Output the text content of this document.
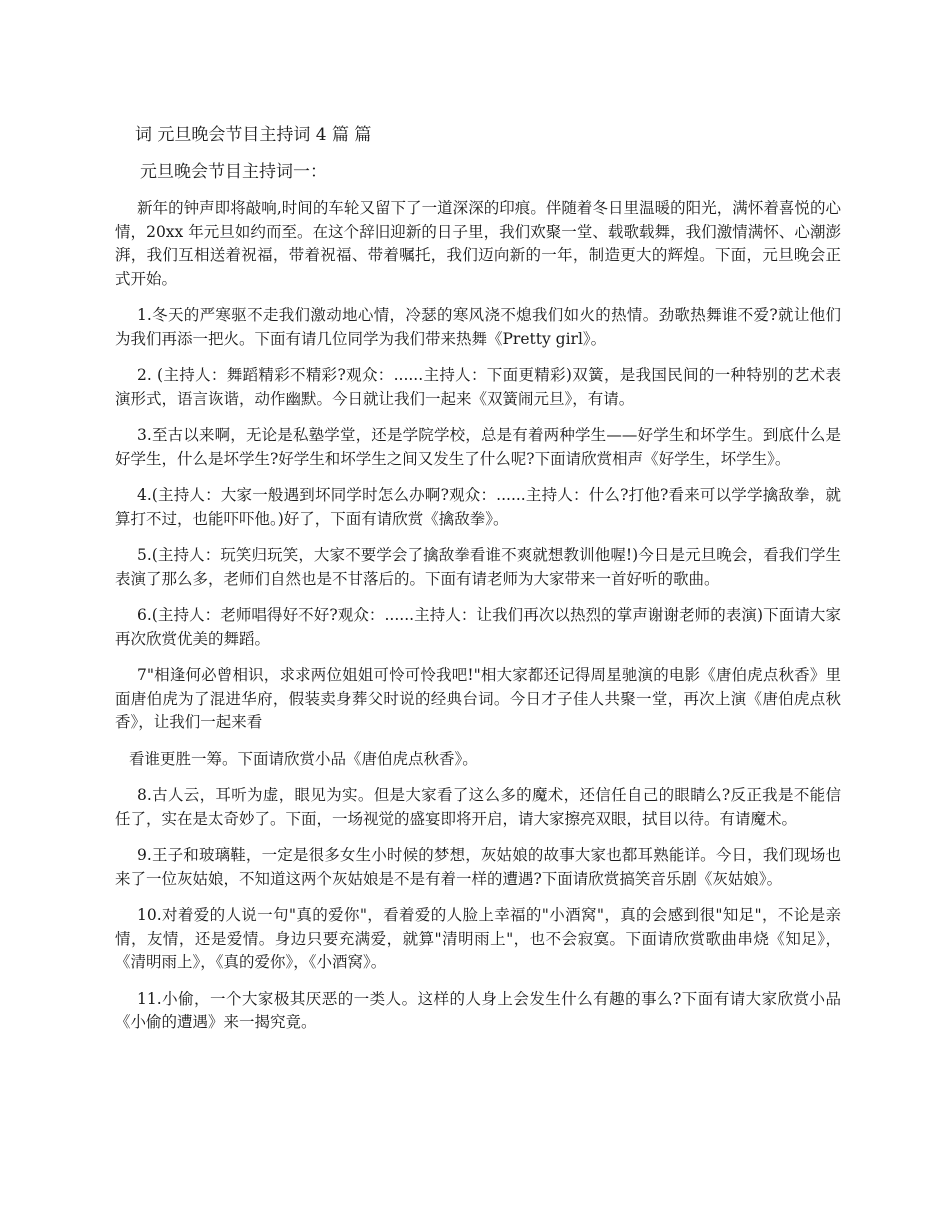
词 元旦晚会节目主持词 4 篇 篇
元旦晚会节目主持词一：

新年的钟声即将敲响,时间的车轮又留下了一道深深的印痕。伴随着冬日里温暖的阳光，满怀着喜悦的心情，20xx 年元旦如约而至。在这个辞旧迎新的日子里，我们欢聚一堂、载歌载舞，我们激情满怀、心潮澎湃，我们互相送着祝福，带着祝福、带着嘱托，我们迈向新的一年，制造更大的辉煌。下面，元旦晚会正式开始。

1.冬天的严寒驱不走我们激动地心情，冷瑟的寒风浇不熄我们如火的热情。劲歌热舞谁不爱?就让他们为我们再添一把火。下面有请几位同学为我们带来热舞《Pretty girl》。

2. (主持人：舞蹈精彩不精彩?观众：......主持人：下面更精彩)双簧，是我国民间的一种特别的艺术表演形式，语言诙谐，动作幽默。今日就让我们一起来《双簧闹元旦》，有请。

3.至古以来啊，无论是私塾学堂，还是学院学校，总是有着两种学生——好学生和坏学生。到底什么是好学生，什么是坏学生?好学生和坏学生之间又发生了什么呢?下面请欣赏相声《好学生，坏学生》。

4.(主持人：大家一般遇到坏同学时怎么办啊?观众：......主持人：什么?打他?看来可以学学擒敌拳，就算打不过，也能吓吓他。)好了，下面有请欣赏《擒敌拳》。

5.(主持人：玩笑归玩笑，大家不要学会了擒敌拳看谁不爽就想教训他喔!)今日是元旦晚会，看我们学生表演了那么多，老师们自然也是不甘落后的。下面有请老师为大家带来一首好听的歌曲。

6.(主持人：老师唱得好不好?观众：......主持人：让我们再次以热烈的掌声谢谢老师的表演)下面请大家再次欣赏优美的舞蹈。

7"相逢何必曾相识，求求两位姐姐可怜可怜我吧!"相大家都还记得周星驰演的电影《唐伯虎点秋香》里面唐伯虎为了混进华府，假装卖身葬父时说的经典台词。今日才子佳人共聚一堂，再次上演《唐伯虎点秋香》，让我们一起来看

看谁更胜一筹。下面请欣赏小品《唐伯虎点秋香》。

8.古人云，耳听为虚，眼见为实。但是大家看了这么多的魔术，还信任自己的眼睛么?反正我是不能信任了，实在是太奇妙了。下面，一场视觉的盛宴即将开启，请大家擦亮双眼，拭目以待。有请魔术。

9.王子和玻璃鞋，一定是很多女生小时候的梦想，灰姑娘的故事大家也都耳熟能详。今日，我们现场也来了一位灰姑娘，不知道这两个灰姑娘是不是有着一样的遭遇?下面请欣赏搞笑音乐剧《灰姑娘》。

10.对着爱的人说一句"真的爱你"，看着爱的人脸上幸福的"小酒窝"，真的会感到很"知足"，不论是亲情，友情，还是爱情。身边只要充满爱，就算"清明雨上"，也不会寂寞。下面请欣赏歌曲串烧《知足》，《清明雨上》，《真的爱你》，《小酒窝》。

11.小偷，一个大家极其厌恶的一类人。这样的人身上会发生什么有趣的事么?下面有请大家欣赏小品《小偷的遭遇》来一揭究竟。
